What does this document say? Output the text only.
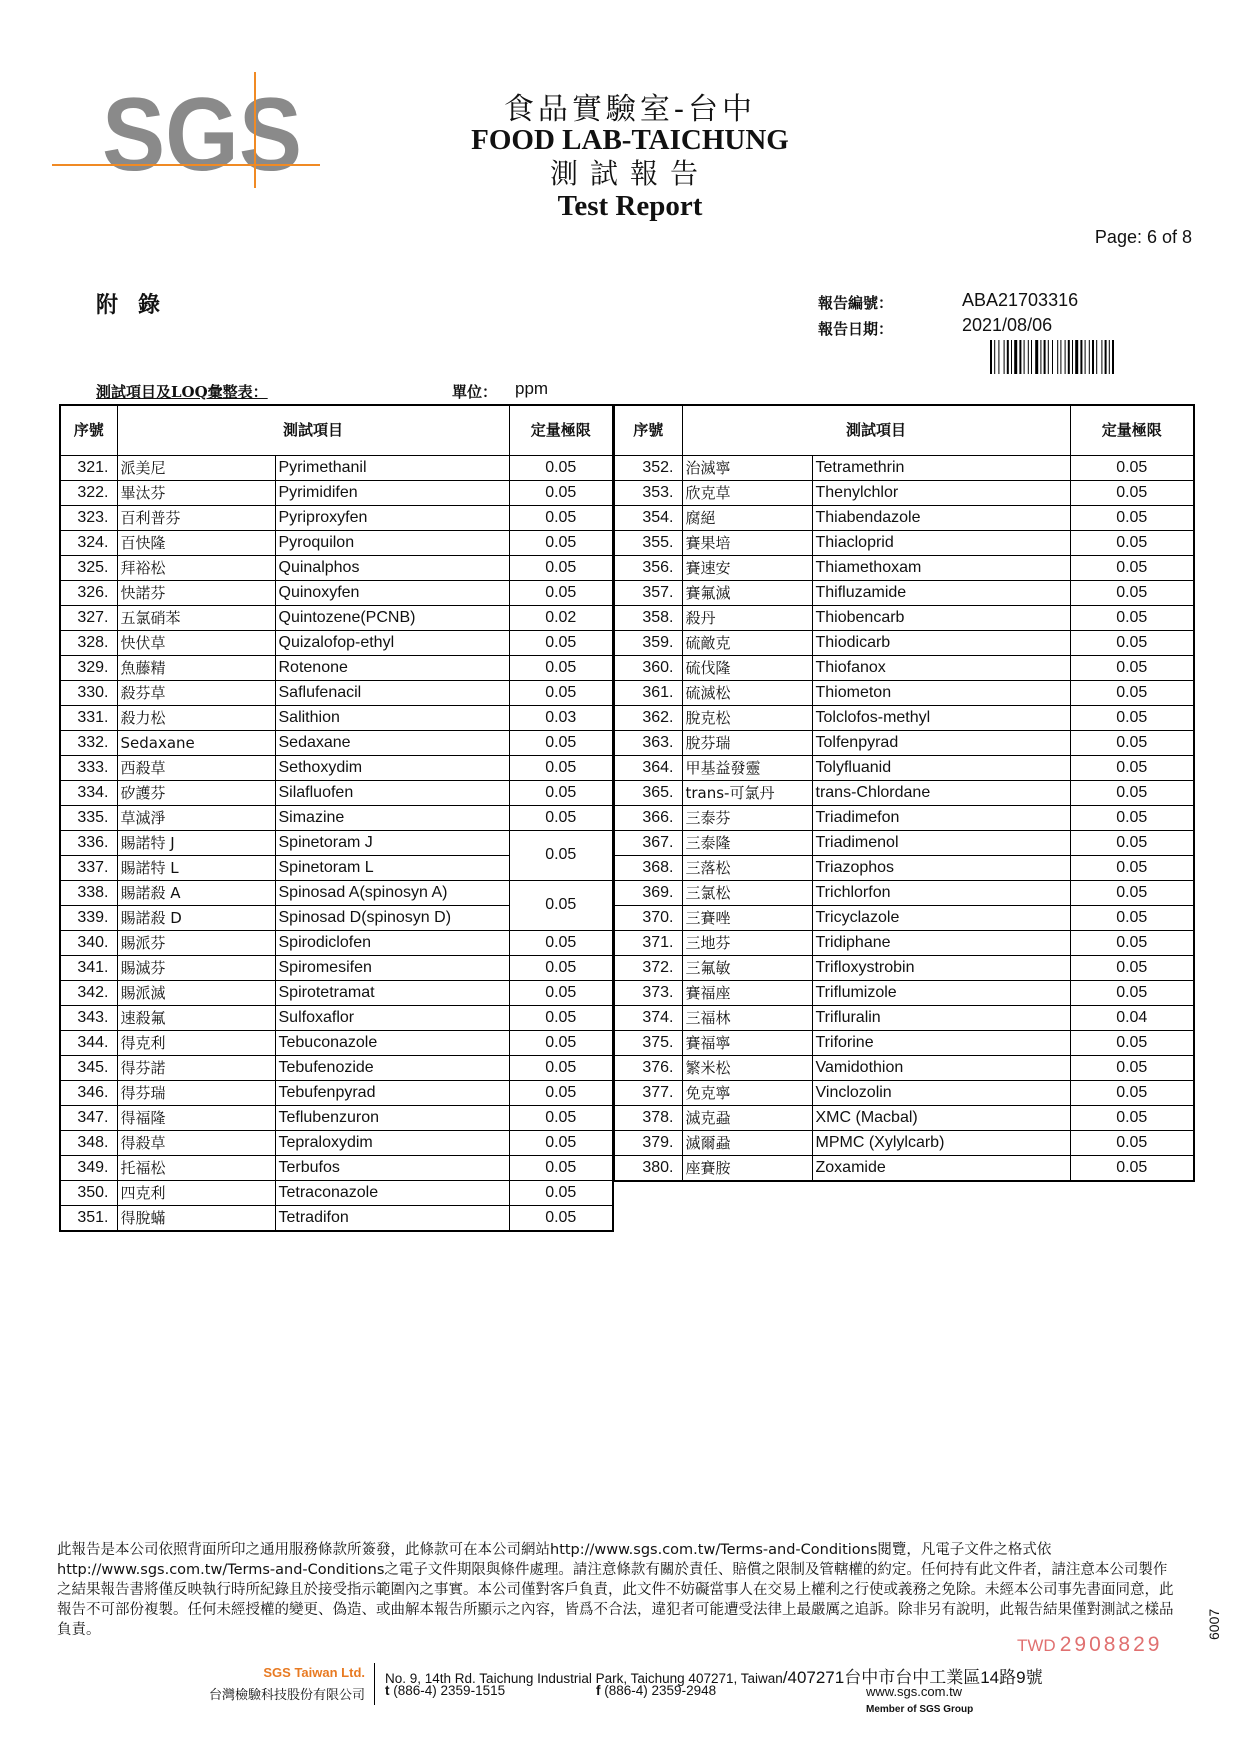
SGS	食品實驗室-台中
FOOD LAB-TAICHUNG
測試報告
Test Report
Page: 6 of 8
附錄	報告編號：	ABA21703316
報告日期：	2021/08/06
測試項目及LOQ彙整表：	單位： ppm
序號	測試項目		定量極限
321.	派美尼	Pyrimethanil	0.05
322.	畢汰芬	Pyrimidifen	0.05
323.	百利普芬	Pyriproxyfen	0.05
324.	百快隆	Pyroquilon	0.05
325.	拜裕松	Quinalphos	0.05
326.	快諾芬	Quinoxyfen	0.05
327.	五氯硝苯	Quintozene(PCNB)	0.02
328.	快伏草	Quizalofop-ethyl	0.05
329.	魚藤精	Rotenone	0.05
330.	殺芬草	Saflufenacil	0.05
331.	殺力松	Salithion	0.03
332.	Sedaxane	Sedaxane	0.05
333.	西殺草	Sethoxydim	0.05
334.	矽護芬	Silafluofen	0.05
335.	草滅淨	Simazine	0.05
336.	賜諾特 J	Spinetoram J	0.05
337.	賜諾特 L	Spinetoram L	
338.	賜諾殺 A	Spinosad A(spinosyn A)	0.05
339.	賜諾殺 D	Spinosad D(spinosyn D)	
340.	賜派芬	Spirodiclofen	0.05
341.	賜滅芬	Spiromesifen	0.05
342.	賜派滅	Spirotetramat	0.05
343.	速殺氟	Sulfoxaflor	0.05
344.	得克利	Tebuconazole	0.05
345.	得芬諾	Tebufenozide	0.05
346.	得芬瑞	Tebufenpyrad	0.05
347.	得福隆	Teflubenzuron	0.05
348.	得殺草	Tepraloxydim	0.05
349.	托福松	Terbufos	0.05
350.	四克利	Tetraconazole	0.05
351.	得脫蟎	Tetradifon	0.05
序號	測試項目		定量極限
352.	治滅寧	Tetramethrin	0.05
353.	欣克草	Thenylchlor	0.05
354.	腐絕	Thiabendazole	0.05
355.	賽果培	Thiacloprid	0.05
356.	賽速安	Thiamethoxam	0.05
357.	賽氟滅	Thifluzamide	0.05
358.	殺丹	Thiobencarb	0.05
359.	硫敵克	Thiodicarb	0.05
360.	硫伐隆	Thiofanox	0.05
361.	硫滅松	Thiometon	0.05
362.	脫克松	Tolclofos-methyl	0.05
363.	脫芬瑞	Tolfenpyrad	0.05
364.	甲基益發靈	Tolyfluanid	0.05
365.	trans-可氯丹	trans-Chlordane	0.05
366.	三泰芬	Triadimefon	0.05
367.	三泰隆	Triadimenol	0.05
368.	三落松	Triazophos	0.05
369.	三氯松	Trichlorfon	0.05
370.	三賽唑	Tricyclazole	0.05
371.	三地芬	Tridiphane	0.05
372.	三氟敏	Trifloxystrobin	0.05
373.	賽福座	Triflumizole	0.05
374.	三福林	Trifluralin	0.04
375.	賽福寧	Triforine	0.05
376.	繁米松	Vamidothion	0.05
377.	免克寧	Vinclozolin	0.05
378.	滅克蝨	XMC (Macbal)	0.05
379.	滅爾蝨	MPMC (Xylylcarb)	0.05
380.	座賽胺	Zoxamide	0.05
此報告是本公司依照背面所印之通用服務條款所簽發，此條款可在本公司網站http://www.sgs.com.tw/Terms-and-Conditions閱覽，凡電子文件之格式依http://www.sgs.com.tw/Terms-and-Conditions之電子文件期限與條件處理。請注意條款有關於責任、賠償之限制及管轄權的約定。任何持有此文件者，請注意本公司製作之結果報告書將僅反映執行時所紀錄且於接受指示範圍內之事實。本公司僅對客戶負責，此文件不妨礙當事人在交易上權利之行使或義務之免除。未經本公司事先書面同意，此報告不可部份複製。任何未經授權的變更、偽造、或曲解本報告所顯示之內容，皆爲不合法，違犯者可能遭受法律上最嚴厲之追訴。除非另有說明，此報告結果僅對測試之樣品負責。
TWD 2908829
6007
SGS Taiwan Ltd.
台灣檢驗科技股份有限公司
No. 9, 14th Rd. Taichung Industrial Park, Taichung 407271, Taiwan/407271台中市台中工業區14路9號
t (886-4) 2359-1515	f (886-4) 2359-2948	www.sgs.com.tw
Member of SGS Group
